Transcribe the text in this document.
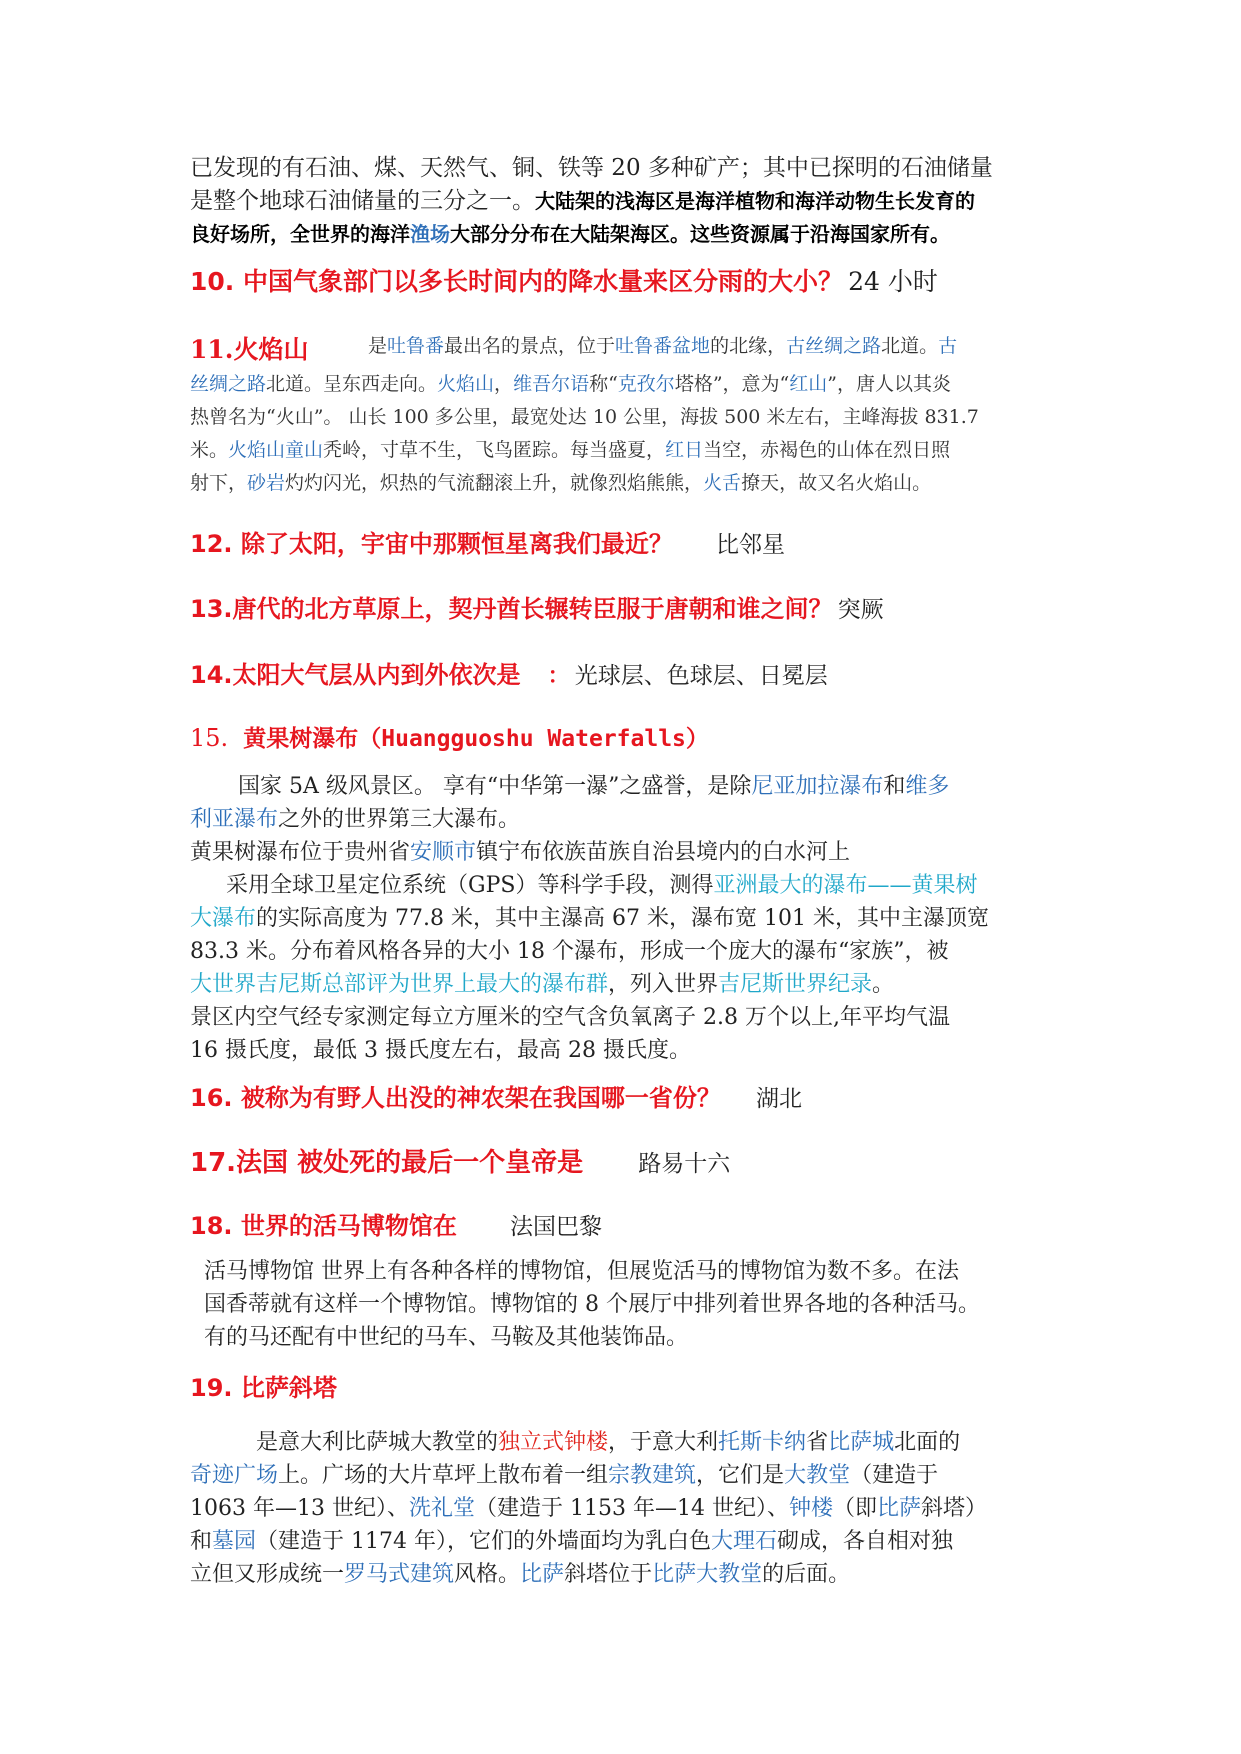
已发现的有石油、煤、天然气、铜、铁等 20 多种矿产；其中已探明的石油储量

是整个地球石油储量的三分之一。大陆架的浅海区是海洋植物和海洋动物生长发育的

良好场所，全世界的海洋渔场大部分分布在大陆架海区。这些资源属于沿海国家所有。

10. 中国气象部门以多长时间内的降水量来区分雨的大小？ 24 小时
11.火焰山	是吐鲁番最出名的景点，位于吐鲁番盆地的北缘，古丝绸之路北道。古

丝绸之路北道。呈东西走向。火焰山，维吾尔语称“克孜尔塔格”，意为“红山”，唐人以其炎

热曾名为“火山”。 山长 100 多公里，最宽处达 10 公里，海拔 500 米左右，主峰海拔 831.7

米。火焰山童山秃岭，寸草不生，飞鸟匿踪。每当盛夏，红日当空，赤褐色的山体在烈日照

射下，砂岩灼灼闪光，炽热的气流翻滚上升，就像烈焰熊熊，火舌撩天，故又名火焰山。

12. 除了太阳，宇宙中那颗恒星离我们最近？ 比邻星
13.唐代的北方草原上，契丹酋长辗转臣服于唐朝和谁之间？ 突厥
14.太阳大气层从内到外依次是 ： 光球层、色球层、日冕层
15. 黄果树瀑布（Huangguoshu Waterfalls）

国家 5A 级风景区。 享有“中华第一瀑”之盛誉，是除尼亚加拉瀑布和维多

利亚瀑布之外的世界第三大瀑布。

黄果树瀑布位于贵州省安顺市镇宁布依族苗族自治县境内的白水河上

采用全球卫星定位系统（GPS）等科学手段，测得亚洲最大的瀑布——黄果树

大瀑布的实际高度为 77.8 米，其中主瀑高 67 米，瀑布宽 101 米，其中主瀑顶宽

83.3 米。分布着风格各异的大小 18 个瀑布，形成一个庞大的瀑布“家族”，被

大世界吉尼斯总部评为世界上最大的瀑布群，列入世界吉尼斯世界纪录。

景区内空气经专家测定每立方厘米的空气含负氧离子 2.8 万个以上,年平均气温

16 摄氏度，最低 3 摄氏度左右，最高 28 摄氏度。

16. 被称为有野人出没的神农架在我国哪一省份？ 湖北
17.法国 被处死的最后一个皇帝是 路易十六
18. 世界的活马博物馆在 法国巴黎

活马博物馆 世界上有各种各样的博物馆，但展览活马的博物馆为数不多。在法

国香蒂就有这样一个博物馆。博物馆的 8 个展厅中排列着世界各地的各种活马。

有的马还配有中世纪的马车、马鞍及其他装饰品。

19. 比萨斜塔

是意大利比萨城大教堂的独立式钟楼，于意大利托斯卡纳省比萨城北面的

奇迹广场上。广场的大片草坪上散布着一组宗教建筑，它们是大教堂（建造于

1063 年—13 世纪）、洗礼堂（建造于 1153 年—14 世纪）、钟楼（即比萨斜塔）

和墓园（建造于 1174 年），它们的外墙面均为乳白色大理石砌成，各自相对独

立但又形成统一罗马式建筑风格。比萨斜塔位于比萨大教堂的后面。
